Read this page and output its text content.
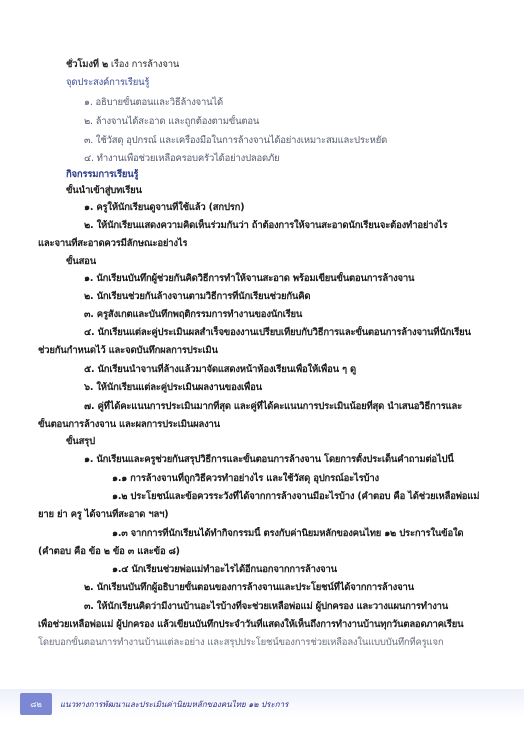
ชั่วโมงที่ ๒ เรื่อง การล้างจาน
จุดประสงค์การเรียนรู้
๑. อธิบายขั้นตอนและวิธีล้างจานได้
๒. ล้างจานได้สะอาด และถูกต้องตามขั้นตอน
๓. ใช้วัสดุ อุปกรณ์ และเครื่องมือในการล้างจานได้อย่างเหมาะสมและประหยัด
๔. ทำงานเพื่อช่วยเหลือครอบครัวได้อย่างปลอดภัย
กิจกรรมการเรียนรู้
ขั้นนำเข้าสู่บทเรียน
๑. ครูให้นักเรียนดูจานที่ใช้แล้ว (สกปรก)
๒. ให้นักเรียนแสดงความคิดเห็นร่วมกันว่า ถ้าต้องการให้จานสะอาดนักเรียนจะต้องทำอย่างไร
และจานที่สะอาดควรมีลักษณะอย่างไร
ขั้นสอน
๑. นักเรียนบันทึกผู้ช่วยกันคิดวิธีการทำให้จานสะอาด พร้อมเขียนขั้นตอนการล้างจาน
๒. นักเรียนช่วยกันล้างจานตามวิธีการที่นักเรียนช่วยกันคิด
๓. ครูสังเกตและบันทึกพฤติกรรมการทำงานของนักเรียน
๔. นักเรียนแต่ละคู่ประเมินผลสำเร็จของงานเปรียบเทียบกับวิธีการและขั้นตอนการล้างจานที่นักเรียน
ช่วยกันกำหนดไว้ และจดบันทึกผลการประเมิน
๕. นักเรียนนำจานที่ล้างแล้วมาจัดแสดงหน้าห้องเรียนเพื่อให้เพื่อน ๆ ดู
๖. ให้นักเรียนแต่ละคู่ประเมินผลงานของเพื่อน
๗. คู่ที่ได้คะแนนการประเมินมากที่สุด และคู่ที่ได้คะแนนการประเมินน้อยที่สุด นำเสนอวิธีการและ
ขั้นตอนการล้างจาน และผลการประเมินผลงาน
ขั้นสรุป
๑. นักเรียนและครูช่วยกันสรุปวิธีการและขั้นตอนการล้างจาน โดยการตั้งประเด็นคำถามต่อไปนี้
๑.๑ การล้างจานที่ถูกวิธีควรทำอย่างไร และใช้วัสดุ อุปกรณ์อะไรบ้าง
๑.๒ ประโยชน์และข้อควรระวังที่ได้จากการล้างจานมีอะไรบ้าง (คำตอบ คือ ได้ช่วยเหลือพ่อแม่
ยาย ย่า ครู ได้จานที่สะอาด ฯลฯ)
๑.๓ จากการที่นักเรียนได้ทำกิจกรรมนี้ ตรงกับค่านิยมหลักของคนไทย ๑๒ ประการในข้อใด
(คำตอบ คือ ข้อ ๒ ข้อ ๓ และข้อ ๘)
๑.๔ นักเรียนช่วยพ่อแม่ทำอะไรได้อีกนอกจากการล้างจาน
๒. นักเรียนบันทึกผู้อธิบายขั้นตอนของการล้างจานและประโยชน์ที่ได้จากการล้างจาน
๓. ให้นักเรียนคิดว่ามีงานบ้านอะไรบ้างที่จะช่วยเหลือพ่อแม่ ผู้ปกครอง และวางแผนการทำงาน
เพื่อช่วยเหลือพ่อแม่ ผู้ปกครอง แล้วเขียนบันทึกประจำวันที่แสดงให้เห็นถึงการทำงานบ้านทุกวันตลอดภาคเรียน
โดยบอกขั้นตอนการทำงานบ้านแต่ละอย่าง และสรุปประโยชน์ของการช่วยเหลือลงในแบบบันทึกที่ครูแจก
๘๒ แนวทางการพัฒนาและประเมินค่านิยมหลักของคนไทย ๑๒ ประการ
